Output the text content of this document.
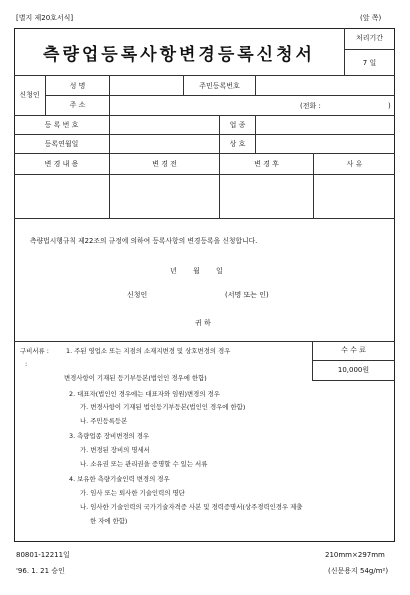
[별지 제20호서식]	(앞 쪽)
측량업등록사항변경등록신청서
처리기간
7 일
신청인
성 명	주민등록번호
주 소	(전화 :	)
등 록 번 호	업 종
등록연월일	상 호
변 경 내 용	변 경 전	변 경 후	사 유
측량법시행규칙 제22조의 규정에 의하여 등록사항의 변경등록을 신청합니다.
년 월 일
신청인	(서명 또는 인)
귀 하
수 수 료
10,000원
구비서류 :	1. 주된 영업소 또는 지점의 소재지변경 및 상호변경의 경우
:
변경사항이 기재된 등기부등본(법인인 경우에 한함)
2. 대표자(법인인 경우에는 대표자와 임원)변경의 경우
가. 변경사항이 기재된 법인등기부등본(법인인 경우에 한함)
나. 주민등록등본
3. 측량업종 장비변경의 경우
가. 변경된 장비의 명세서
나. 소유권 또는 관리권을 증명할 수 있는 서류
4. 보유한 측량기술인력 변경의 경우
가. 임사 또는 퇴사한 기술인력의 명단
나. 임사한 기술인력의 국가기술자격증 사본 및 경력증명서(상주경력인경우 제출
한 자에 한함)
80801-12211일
'96. 1. 21 승인
210mm×297mm
(신문용지 54g/m²)
